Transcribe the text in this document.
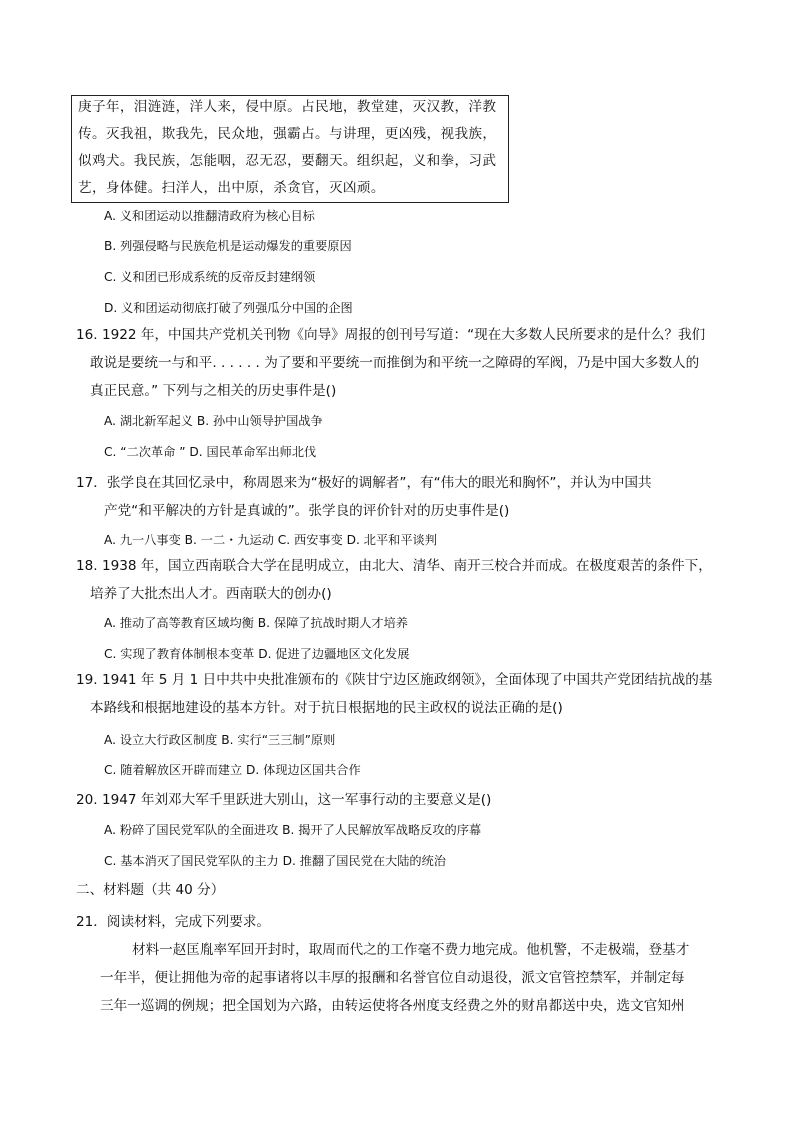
庚子年，泪涟涟，洋人来，侵中原。占民地，教堂建，灭汉教，洋教
传。灭我祖，欺我先，民众地，强霸占。与讲理，更凶残，视我族，
似鸡犬。我民族，怎能咽，忍无忍，要翻天。组织起，义和拳，习武
艺，身体健。扫洋人，出中原，杀贪官，灭凶顽。
A. 义和团运动以推翻清政府为核心目标
B. 列强侵略与民族危机是运动爆发的重要原因
C. 义和团已形成系统的反帝反封建纲领
D. 义和团运动彻底打破了列强瓜分中国的企图
16. 1922 年，中国共产党机关刊物《向导》周报的创刊号写道：“现在大多数人民所要求的是什么？我们
敢说是要统一与和平. . . . . . 为了要和平要统一而推倒为和平统一之障碍的军阀，乃是中国大多数人的
真正民意。” 下列与之相关的历史事件是()
A. 湖北新军起义 B. 孙中山领导护国战争
C. “二次革命 ” D. 国民革命军出师北伐
17．张学良在其回忆录中，称周恩来为“极好的调解者”，有“伟大的眼光和胸怀”，并认为中国共
产党“和平解决的方针是真诚的”。张学良的评价针对的历史事件是()
A. 九一八事变 B. 一二・九运动 C. 西安事变 D. 北平和平谈判
18. 1938 年，国立西南联合大学在昆明成立，由北大、清华、南开三校合并而成。在极度艰苦的条件下，
培养了大批杰出人才。西南联大的创办()
A. 推动了高等教育区域均衡 B. 保障了抗战时期人才培养
C. 实现了教育体制根本变革 D. 促进了边疆地区文化发展
19. 1941 年 5 月 1 日中共中央批准颁布的《陕甘宁边区施政纲领》，全面体现了中国共产党团结抗战的基
本路线和根据地建设的基本方针。对于抗日根据地的民主政权的说法正确的是()
A. 设立大行政区制度 B. 实行“三三制”原则
C. 随着解放区开辟而建立 D. 体现边区国共合作
20. 1947 年刘邓大军千里跃进大别山，这一军事行动的主要意义是()
A. 粉碎了国民党军队的全面进攻 B. 揭开了人民解放军战略反攻的序幕
C. 基本消灭了国民党军队的主力 D. 推翻了国民党在大陆的统治
二、材料题（共 40 分）
21．阅读材料，完成下列要求。
材料一赵匡胤率军回开封时，取周而代之的工作毫不费力地完成。他机警，不走极端，登基才
一年半，便让拥他为帝的起事诸将以丰厚的报酬和名誉官位自动退役，派文官管控禁军，并制定每
三年一巡调的例规；把全国划为六路，由转运使将各州度支经费之外的财帛都送中央，选文官知州
